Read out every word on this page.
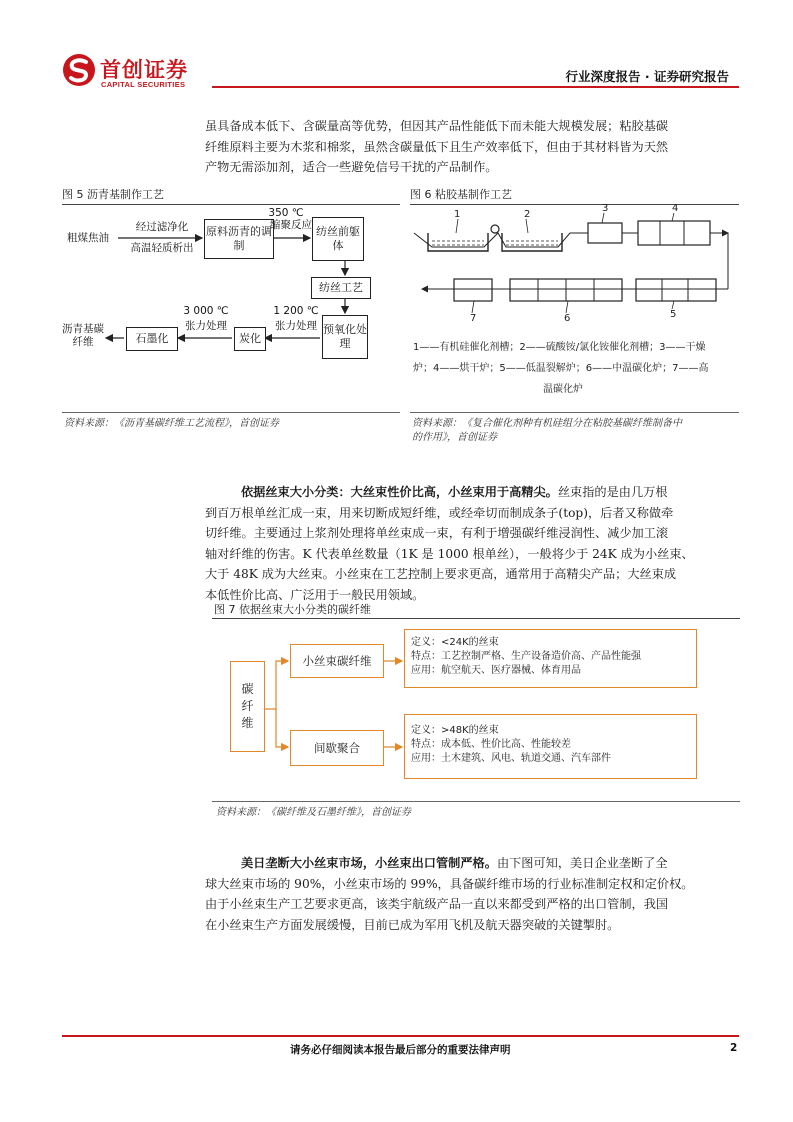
首创证券
CAPITAL SECURITIES
行业深度报告 · 证券研究报告
虽具备成本低下、含碳量高等优势，但因其产品性能低下而未能大规模发展；粘胶基碳
纤维原料主要为木浆和棉浆，虽然含碳量低下且生产效率低下，但由于其材料皆为天然
产物无需添加剂，适合一些避免信号干扰的产品制作。
图 5 沥青基制作工艺
粗煤焦油
经过滤净化
高温轻质析出
原料沥青的调制
350 ℃
缩聚反应 纺丝前躯体
纺丝工艺
预氧化处理
1 200 ℃
张力处理
炭化
3 000 ℃
张力处理
石墨化
沥青基碳纤维
资料来源：《沥青基碳纤维工艺流程》，首创证券
图 6 粘胶基制作工艺
1	2
3	4
5
6
7
1——有机硅催化剂槽；2——硫酸铵/氯化铵催化剂槽；3——干燥
炉；4——烘干炉；5——低温裂解炉；6——中温碳化炉；7——高
温碳化炉
资料来源：《复合催化剂种有机硅组分在粘胶基碳纤维制备中
的作用》，首创证券
依据丝束大小分类：大丝束性价比高，小丝束用于高精尖。丝束指的是由几万根
到百万根单丝汇成一束，用来切断成短纤维，或经牵切而制成条子(top)，后者又称做牵
切纤维。主要通过上浆剂处理将单丝束成一束，有利于增强碳纤维浸润性、减少加工滚
轴对纤维的伤害。K 代表单丝数量（1K 是 1000 根单丝），一般将少于 24K 成为小丝束、
大于 48K 成为大丝束。小丝束在工艺控制上要求更高，通常用于高精尖产品；大丝束成
本低性价比高、广泛用于一般民用领域。
图 7 依据丝束大小分类的碳纤维
碳
纤
维
小丝束碳纤维
间歇聚合
定义：<24K的丝束
特点：工艺控制严格、生产设备造价高、产品性能强
应用：航空航天、医疗器械、体育用品
定义：>48K的丝束
特点：成本低、性价比高、性能较差
应用：土木建筑、风电、轨道交通、汽车部件
资料来源：《碳纤维及石墨纤维》，首创证券
美日垄断大小丝束市场，小丝束出口管制严格。由下图可知，美日企业垄断了全
球大丝束市场的 90%，小丝束市场的 99%，具备碳纤维市场的行业标准制定权和定价权。
由于小丝束生产工艺要求更高，该类宇航级产品一直以来都受到严格的出口管制，我国
在小丝束生产方面发展缓慢，目前已成为军用飞机及航天器突破的关键掣肘。
请务必仔细阅读本报告最后部分的重要法律声明	2
